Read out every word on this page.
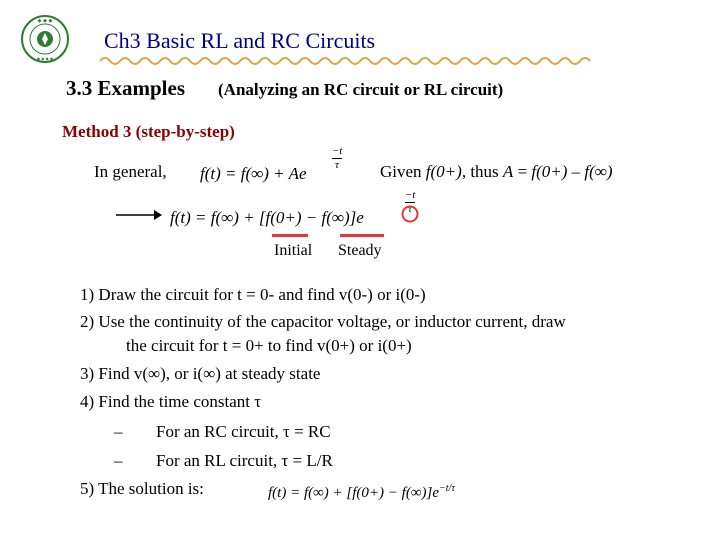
◆ ◆ ◆
◆ ◆ ◆ ◆
Ch3 Basic RL and RC Circuits
3.3 Examples (Analyzing an RC circuit or RL circuit)
Method 3 (step-by-step)
In general, f(t) = f(∞) + Ae
−t
τ Given f(0+), thus A = f(0+) – f(∞)
f(t) = f(∞) + [f(0+) − f(∞)]e
−t
τ
Initial Steady
1) Draw the circuit for t = 0- and find v(0-) or i(0-)
2) Use the continuity of the capacitor voltage, or inductor current, draw
the circuit for t = 0+ to find v(0+) or i(0+)
3) Find v(∞), or i(∞) at steady state
4) Find the time constant τ
– For an RC circuit, τ = RC
– For an RL circuit, τ = L/R
5) The solution is:	$f(t) = f(\infty) + [f(0+) - f(\infty)]e^{-t/\tau}$
